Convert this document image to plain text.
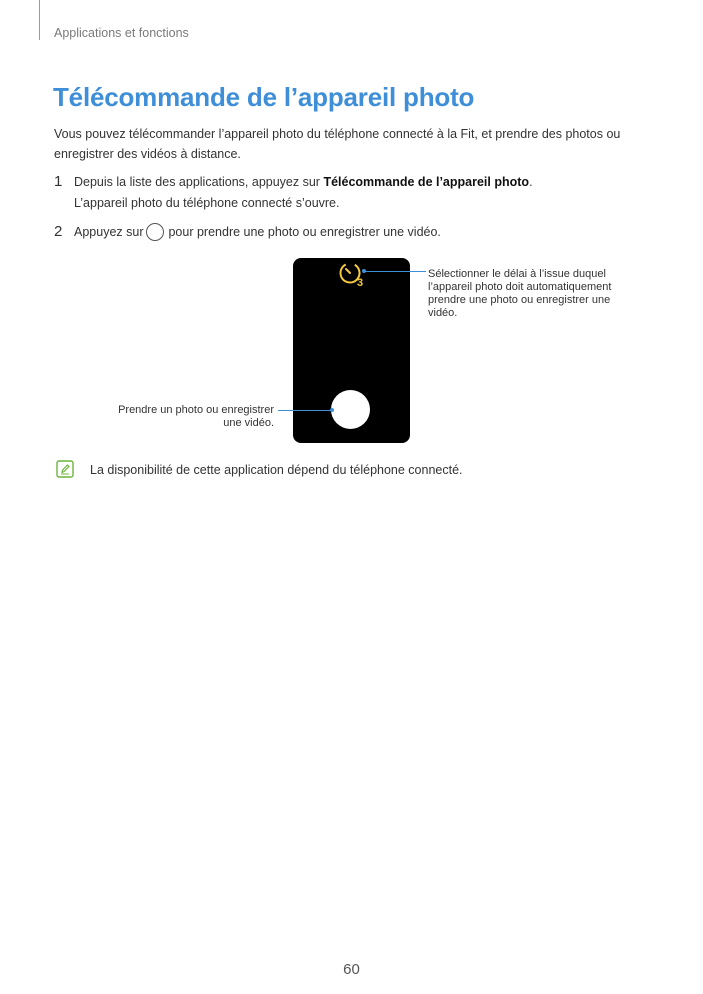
Applications et fonctions
Télécommande de l’appareil photo

Vous pouvez télécommander l’appareil photo du téléphone connecté à la Fit, et prendre des photos ou enregistrer des vidéos à distance.

1 Depuis la liste des applications, appuyez sur Télécommande de l’appareil photo.
L’appareil photo du téléphone connecté s’ouvre.
2 Appuyez sur pour prendre une photo ou enregistrer une vidéo.
3
Sélectionner le délai à l’issue duquel l’appareil photo doit automatiquement prendre une photo ou enregistrer une vidéo.
Prendre un photo ou enregistrer une vidéo.
La disponibilité de cette application dépend du téléphone connecté.
60
